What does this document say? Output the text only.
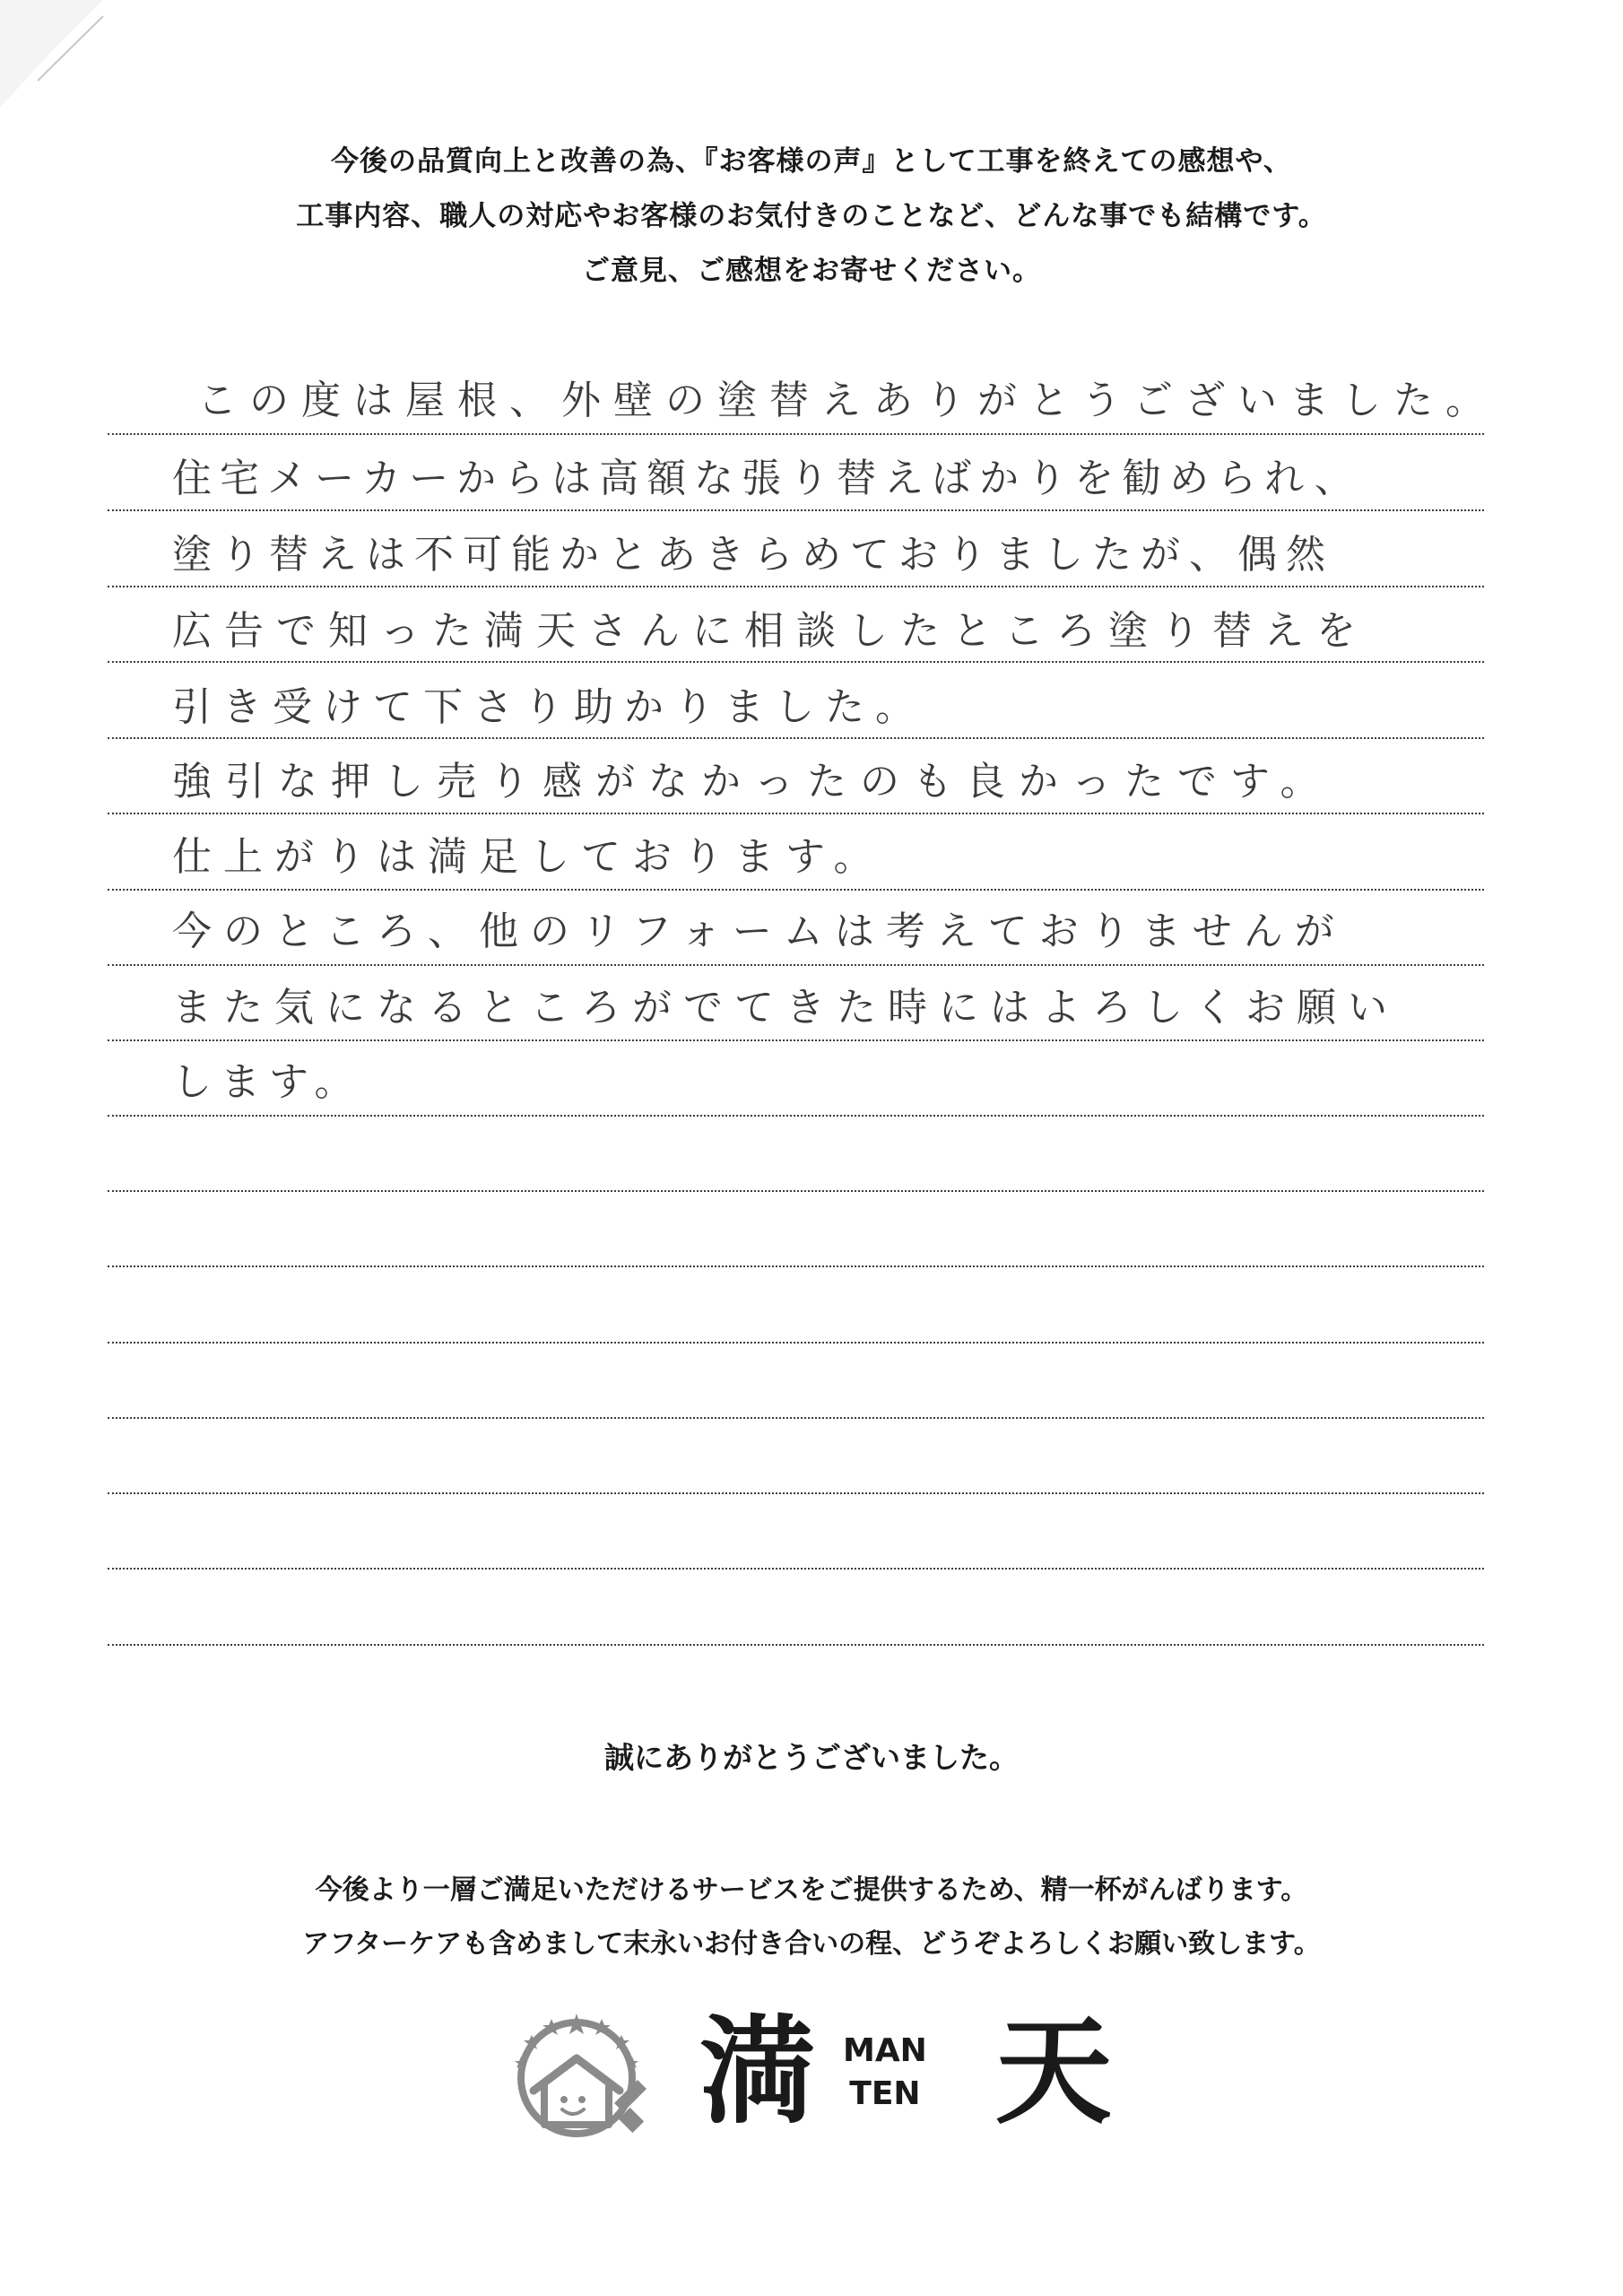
今後の品質向上と改善の為、『お客様の声』として工事を終えての感想や、

工事内容、職人の対応やお客様のお気付きのことなど、どんな事でも結構です。

ご意見、ご感想をお寄せください。

この度は屋根、外壁の塗替えありがとうございました。
住宅メーカーからは高額な張り替えばかりを勧められ、
塗り替えは不可能かとあきらめておりましたが、偶然
広告で知った満天さんに相談したところ塗り替えを
引き受けて下さり助かりました。
強引な押し売り感がなかったのも良かったです。
仕上がりは満足しております。
今のところ、他のリフォームは考えておりませんが
また気になるところがでてきた時にはよろしくお願い
します。
誠にありがとうございました。

今後より一層ご満足いただけるサービスをご提供するため、精一杯がんばります。

アフターケアも含めまして末永いお付き合いの程、どうぞよろしくお願い致します。

満 MAN
TEN 天
